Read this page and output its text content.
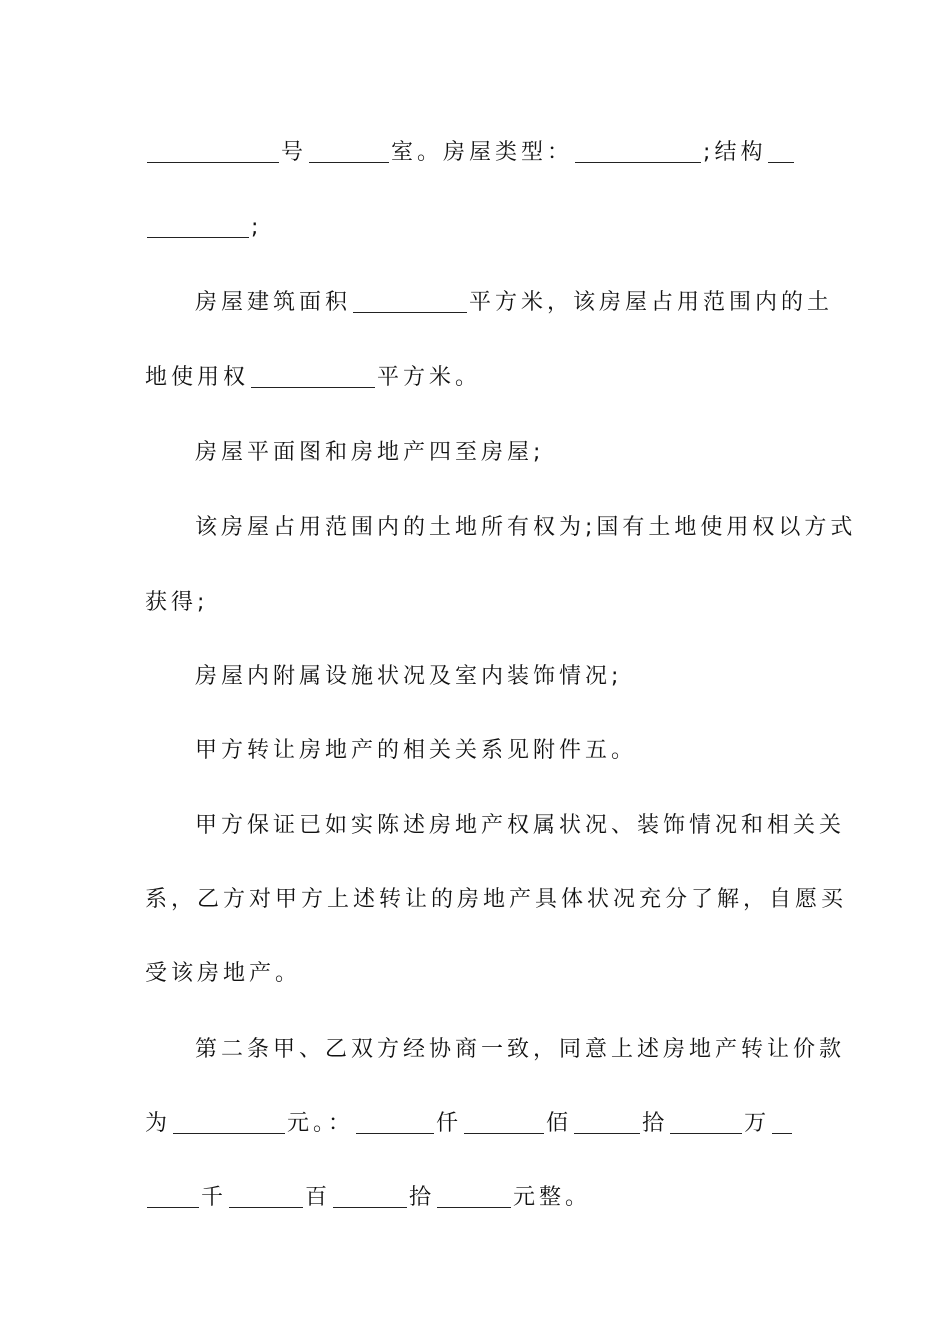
号	室。房屋类型：	;结构
;
房屋建筑面积	平方米，该房屋占用范围内的土
地使用权	平方米。
房屋平面图和房地产四至房屋;
该房屋占用范围内的土地所有权为;国有土地使用权以方式
获得;
房屋内附属设施状况及室内装饰情况;
甲方转让房地产的相关关系见附件五。
甲方保证已如实陈述房地产权属状况、装饰情况和相关关
系，乙方对甲方上述转让的房地产具体状况充分了解，自愿买
受该房地产。
第二条甲、乙双方经协商一致，同意上述房地产转让价款
为	元。：	仟	佰	拾	万
千	百	拾	元整。
